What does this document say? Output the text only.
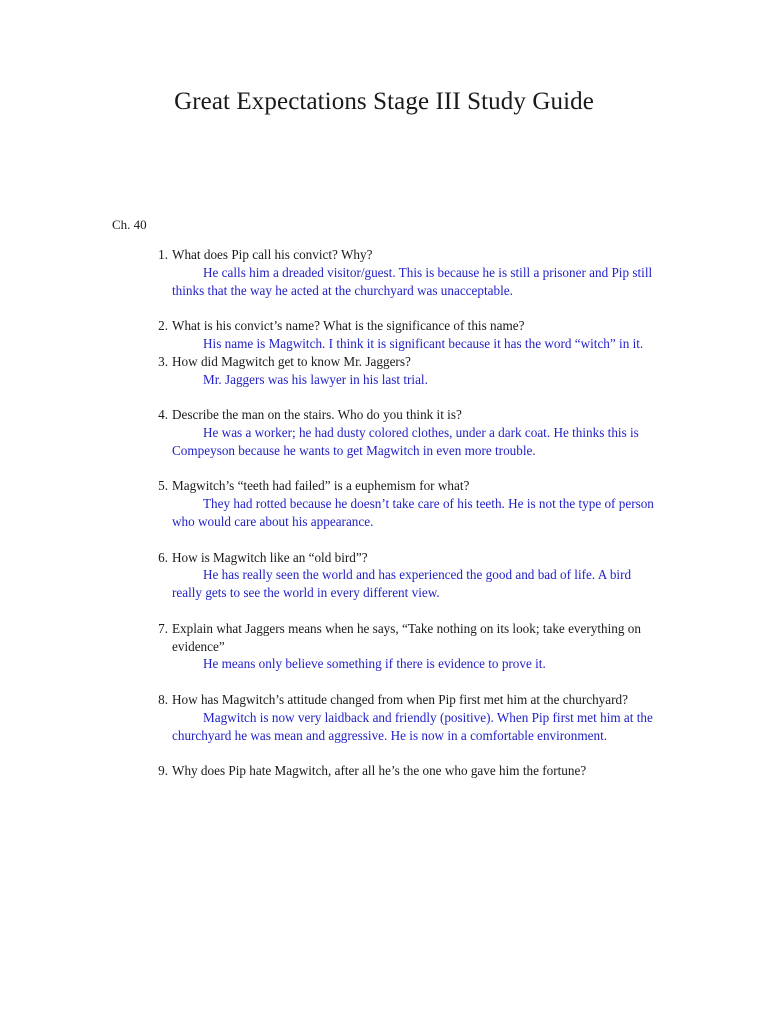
Great Expectations Stage III Study Guide
Ch. 40
1. What does Pip call his convict? Why?
He calls him a dreaded visitor/guest. This is because he is still a prisoner and Pip still thinks that the way he acted at the churchyard was unacceptable.
2. What is his convict’s name? What is the significance of this name?
His name is Magwitch. I think it is significant because it has the word “witch” in it.
3. How did Magwitch get to know Mr. Jaggers?
Mr. Jaggers was his lawyer in his last trial.
4. Describe the man on the stairs. Who do you think it is?
He was a worker; he had dusty colored clothes, under a dark coat. He thinks this is Compeyson because he wants to get Magwitch in even more trouble.
5. Magwitch’s “teeth had failed” is a euphemism for what?
They had rotted because he doesn’t take care of his teeth. He is not the type of person who would care about his appearance.
6. How is Magwitch like an “old bird”?
He has really seen the world and has experienced the good and bad of life. A bird really gets to see the world in every different view.
7. Explain what Jaggers means when he says, “Take nothing on its look; take everything on evidence”
He means only believe something if there is evidence to prove it.
8. How has Magwitch’s attitude changed from when Pip first met him at the churchyard?
Magwitch is now very laidback and friendly (positive). When Pip first met him at the churchyard he was mean and aggressive. He is now in a comfortable environment.
9. Why does Pip hate Magwitch, after all he’s the one who gave him the fortune?
